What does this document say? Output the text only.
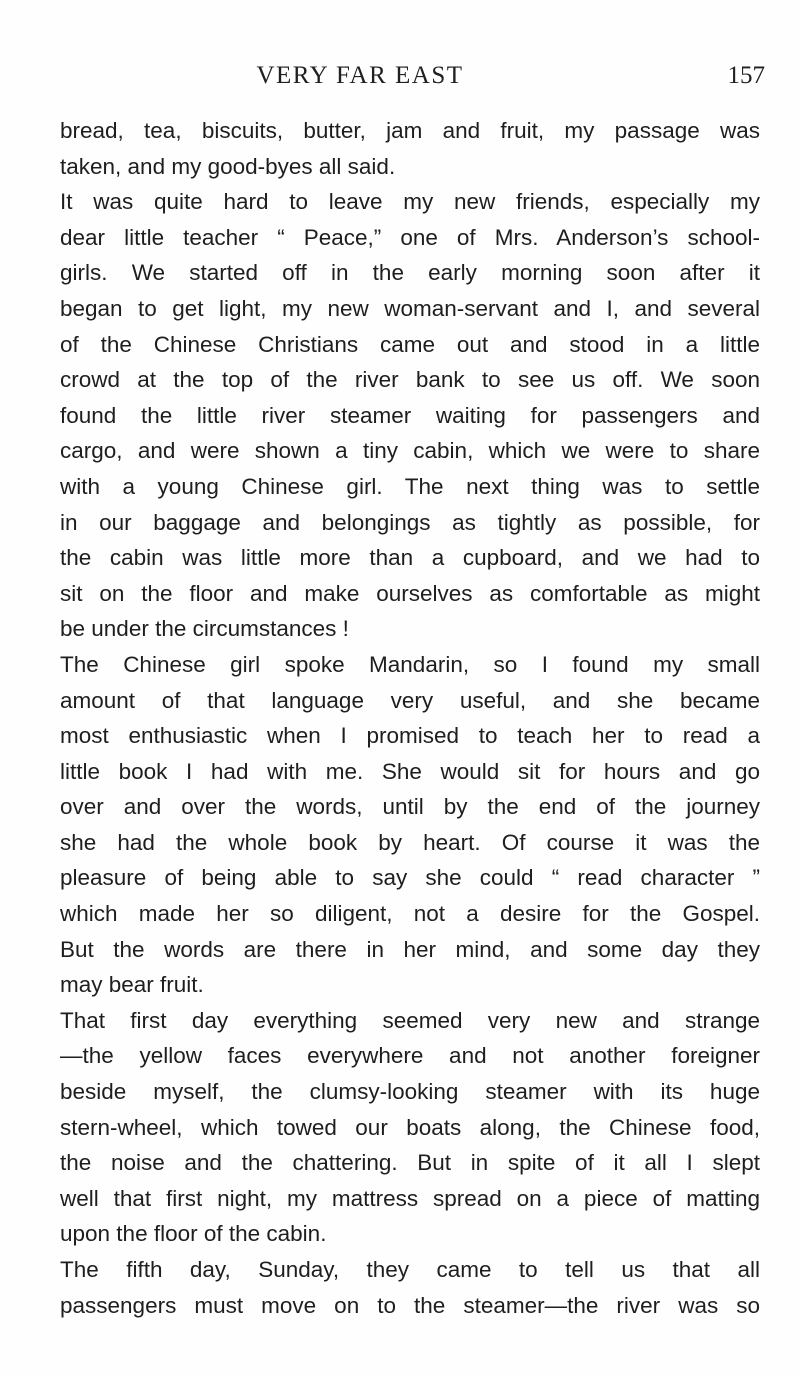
VERY FAR EAST	157

bread, tea, biscuits, butter, jam and fruit, my passage was
taken, and my good-byes all said.

It was quite hard to leave my new friends, especially my
dear little teacher “ Peace,” one of Mrs. Anderson’s school-
girls. We started off in the early morning soon after it
began to get light, my new woman-servant and I, and several
of the Chinese Christians came out and stood in a little
crowd at the top of the river bank to see us off. We soon
found the little river steamer waiting for passengers and
cargo, and were shown a tiny cabin, which we were to share
with a young Chinese girl. The next thing was to settle
in our baggage and belongings as tightly as possible, for
the cabin was little more than a cupboard, and we had to
sit on the floor and make ourselves as comfortable as might
be under the circumstances !

The Chinese girl spoke Mandarin, so I found my small
amount of that language very useful, and she became
most enthusiastic when I promised to teach her to read a
little book I had with me. She would sit for hours and go
over and over the words, until by the end of the journey
she had the whole book by heart. Of course it was the
pleasure of being able to say she could “ read character ”
which made her so diligent, not a desire for the Gospel.
But the words are there in her mind, and some day they
may bear fruit.

That first day everything seemed very new and strange
—the yellow faces everywhere and not another foreigner
beside myself, the clumsy-looking steamer with its huge
stern-wheel, which towed our boats along, the Chinese food,
the noise and the chattering. But in spite of it all I slept
well that first night, my mattress spread on a piece of matting
upon the floor of the cabin.

The fifth day, Sunday, they came to tell us that all
passengers must move on to the steamer—the river was so
